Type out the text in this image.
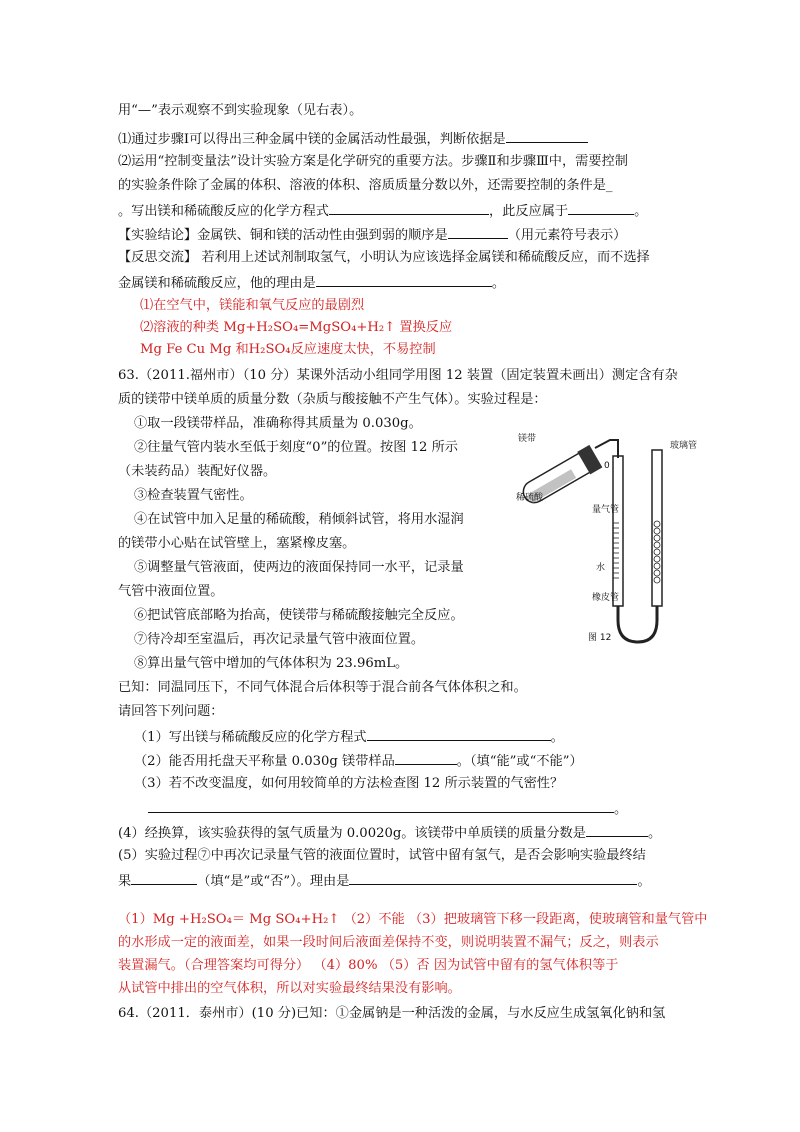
用“—”表示观察不到实验现象（见右表）。
⑴通过步骤Ⅰ可以得出三种金属中镁的金属活动性最强，判断依据是
⑵运用“控制变量法”设计实验方案是化学研究的重要方法。步骤Ⅱ和步骤Ⅲ中，需要控制
的实验条件除了金属的体积、溶液的体积、溶质质量分数以外，还需要控制的条件是_
。写出镁和稀硫酸反应的化学方程式	，此反应属于	。
【实验结论】金属铁、铜和镁的活动性由强到弱的顺序是	（用元素符号表示）
【反思交流】 若利用上述试剂制取氢气，小明认为应该选择金属镁和稀硫酸反应，而不选择
金属镁和稀硫酸反应，他的理由是	。
⑴在空气中，镁能和氧气反应的最剧烈
⑵溶液的种类 Mg+H₂SO₄=MgSO₄+H₂↑ 置换反应
Mg Fe Cu Mg 和H₂SO₄反应速度太快，不易控制
63.（2011.福州市）（10 分）某课外活动小组同学用图 12 装置（固定装置未画出）测定含有杂
质的镁带中镁单质的质量分数（杂质与酸接触不产生气体）。实验过程是：
①取一段镁带样品，准确称得其质量为 0.030g。
②往量气管内装水至低于刻度“0”的位置。按图 12 所示
（未装药品）装配好仪器。
③检查装置气密性。
④在试管中加入足量的稀硫酸，稍倾斜试管，将用水湿润
的镁带小心贴在试管壁上，塞紧橡皮塞。
⑤调整量气管液面，使两边的液面保持同一水平，记录量
气管中液面位置。
⑥把试管底部略为抬高，使镁带与稀硫酸接触完全反应。
⑦待冷却至室温后，再次记录量气管中液面位置。
⑧算出量气管中增加的气体体积为 23.96mL。
已知：同温同压下，不同气体混合后体积等于混合前各气体体积之和。
请回答下列问题：
（1）写出镁与稀硫酸反应的化学方程式	。
（2）能否用托盘天平称量 0.030g 镁带样品	。（填“能”或“不能”）
（3）若不改变温度，如何用较简单的方法检查图 12 所示装置的气密性？
。
(4）经换算，该实验获得的氢气质量为 0.0020g。该镁带中单质镁的质量分数是	。
(5）实验过程⑦中再次记录量气管的液面位置时，试管中留有氢气，是否会影响实验最终结
果	（填“是”或“否”）。理由是	。
（1）Mg +H₂SO₄＝ Mg SO₄+H₂↑ （2）不能 （3）把玻璃管下移一段距离，使玻璃管和量气管中
的水形成一定的液面差，如果一段时间后液面差保持不变，则说明装置不漏气；反之，则表示
装置漏气。（合理答案均可得分） （4）80% （5）否 因为试管中留有的氢气体积等于
从试管中排出的空气体积，所以对实验最终结果没有影响。
64.（2011．泰州市）(10 分)已知：①金属钠是一种活泼的金属，与水反应生成氢氧化钠和氢
镁带
稀硫酸
0
玻璃管
量气管
水
橡皮管
图 12
